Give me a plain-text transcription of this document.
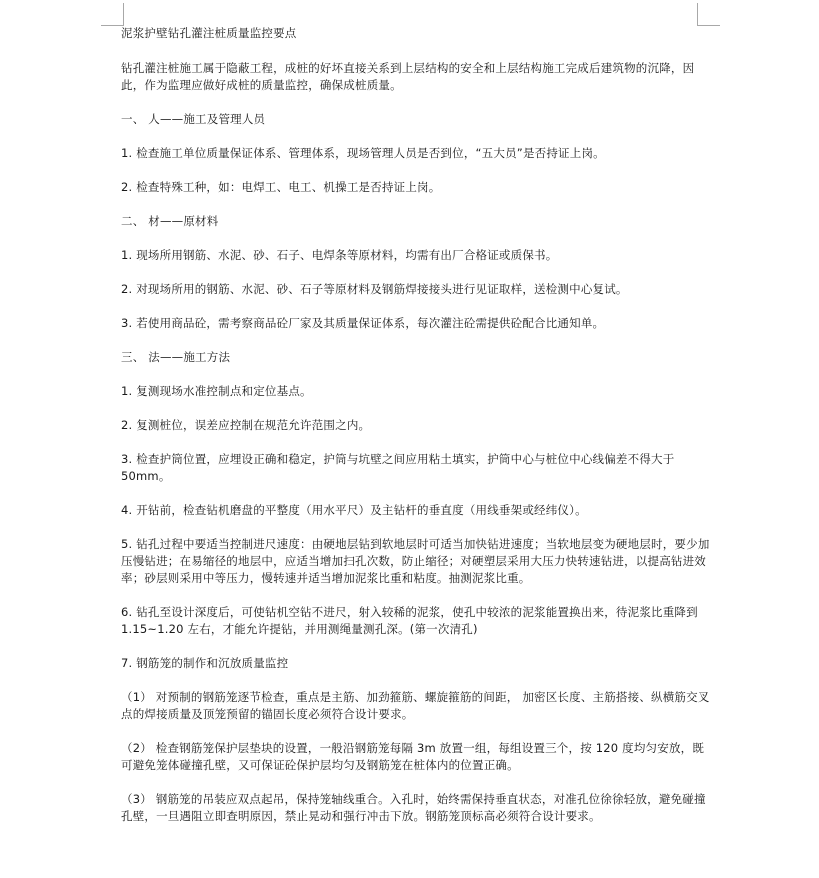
泥浆护壁钻孔灌注桩质量监控要点

钻孔灌注桩施工属于隐蔽工程，成桩的好坏直接关系到上层结构的安全和上层结构施工完成后建筑物的沉降，因此，作为监理应做好成桩的质量监控，确保成桩质量。

一、 人——施工及管理人员

1. 检查施工单位质量保证体系、管理体系，现场管理人员是否到位，“五大员”是否持证上岗。

2. 检查特殊工种，如：电焊工、电工、机操工是否持证上岗。

二、 材——原材料

1. 现场所用钢筋、水泥、砂、石子、电焊条等原材料，均需有出厂合格证或质保书。

2. 对现场所用的钢筋、水泥、砂、石子等原材料及钢筋焊接接头进行见证取样，送检测中心复试。

3. 若使用商品砼，需考察商品砼厂家及其质量保证体系，每次灌注砼需提供砼配合比通知单。

三、 法——施工方法

1. 复测现场水准控制点和定位基点。

2. 复测桩位，误差应控制在规范允许范围之内。

3. 检查护筒位置，应埋设正确和稳定，护筒与坑壁之间应用粘土填实，护筒中心与桩位中心线偏差不得大于 50mm。

4. 开钻前，检查钻机磨盘的平整度（用水平尺）及主钻杆的垂直度（用线垂架或经纬仪）。

5. 钻孔过程中要适当控制进尺速度：由硬地层钻到软地层时可适当加快钻进速度；当软地层变为硬地层时，要少加压慢钻进；在易缩径的地层中，应适当增加扫孔次数，防止缩径；对硬塑层采用大压力快转速钻进，以提高钻进效率；砂层则采用中等压力，慢转速并适当增加泥浆比重和粘度。抽测泥浆比重。

6. 钻孔至设计深度后，可使钻机空钻不进尺，射入较稀的泥浆，使孔中较浓的泥浆能置换出来，待泥浆比重降到 1.15~1.20 左右，才能允许提钻，并用测绳量测孔深。(第一次清孔)

7. 钢筋笼的制作和沉放质量监控

（1） 对预制的钢筋笼逐节检查，重点是主筋、加劲箍筋、螺旋箍筋的间距， 加密区长度、主筋搭接、纵横筋交叉点的焊接质量及顶笼预留的锚固长度必须符合设计要求。

（2） 检查钢筋笼保护层垫块的设置，一般沿钢筋笼每隔 3m 放置一组，每组设置三个，按 120 度均匀安放，既可避免笼体碰撞孔壁，又可保证砼保护层均匀及钢筋笼在桩体内的位置正确。

（3） 钢筋笼的吊装应双点起吊，保持笼轴线重合。入孔时，始终需保持垂直状态，对准孔位徐徐轻放，避免碰撞孔壁，一旦遇阻立即查明原因，禁止晃动和强行冲击下放。钢筋笼顶标高必须符合设计要求。
